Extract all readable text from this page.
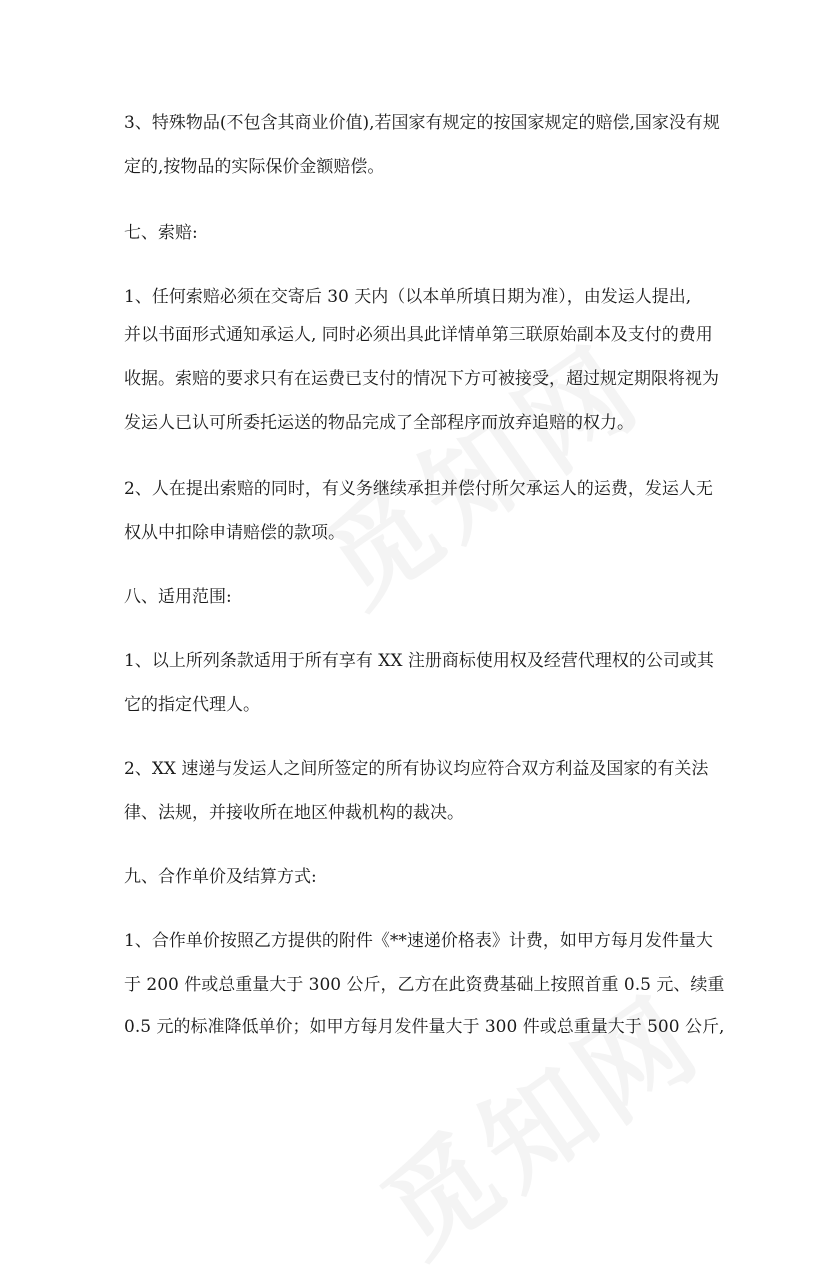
3、特殊物品(不包含其商业价值),若国家有规定的按国家规定的赔偿,国家没有规
定的,按物品的实际保价金额赔偿。
七、索赔:
1、任何索赔必须在交寄后 30 天内（以本单所填日期为准），由发运人提出,
并以书面形式通知承运人, 同时必须出具此详情单第三联原始副本及支付的费用
收据。索赔的要求只有在运费已支付的情况下方可被接受，超过规定期限将视为
发运人已认可所委托运送的物品完成了全部程序而放弃追赔的权力。
2、人在提出索赔的同时，有义务继续承担并偿付所欠承运人的运费，发运人无
权从中扣除申请赔偿的款项。
八、适用范围:
1、以上所列条款适用于所有享有 XX 注册商标使用权及经营代理权的公司或其
它的指定代理人。
2、XX 速递与发运人之间所签定的所有协议均应符合双方利益及国家的有关法
律、法规，并接收所在地区仲裁机构的裁决。
九、合作单价及结算方式:
1、合作单价按照乙方提供的附件《**速递价格表》计费，如甲方每月发件量大
于 200 件或总重量大于 300 公斤，乙方在此资费基础上按照首重 0.5 元、续重
0.5 元的标准降低单价；如甲方每月发件量大于 300 件或总重量大于 500 公斤,
